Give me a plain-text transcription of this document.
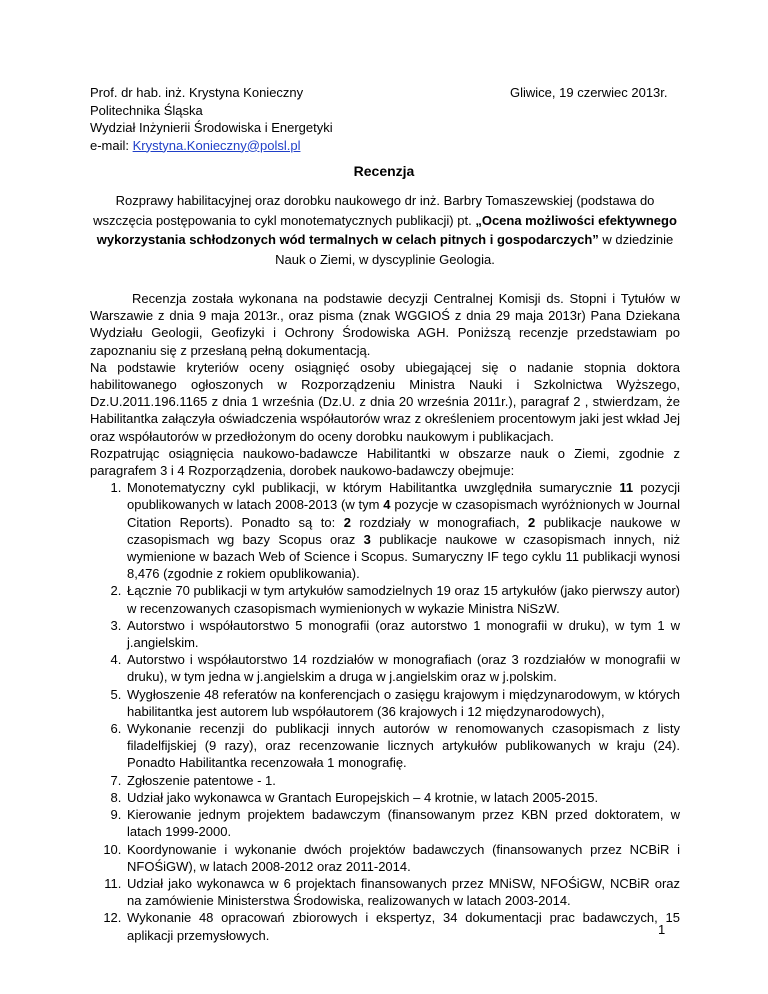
Prof. dr hab. inż. Krystyna Konieczny
Politechnika Śląska
Wydział Inżynierii Środowiska i Energetyki
e-mail: Krystyna.Konieczny@polsl.pl
Gliwice, 19 czerwiec 2013r.
Recenzja
Rozprawy habilitacyjnej oraz dorobku naukowego dr inż. Barbry Tomaszewskiej (podstawa do wszczęcia postępowania to cykl monotematycznych publikacji) pt. „Ocena możliwości efektywnego wykorzystania schłodzonych wód termalnych w celach pitnych i gospodarczych” w dziedzinie Nauk o Ziemi, w dyscyplinie Geologia.

Recenzja została wykonana na podstawie decyzji Centralnej Komisji ds. Stopni i Tytułów w Warszawie z dnia 9 maja 2013r., oraz pisma (znak WGGIOŚ z dnia 29 maja 2013r) Pana Dziekana Wydziału Geologii, Geofizyki i Ochrony Środowiska AGH. Poniższą recenzje przedstawiam po zapoznaniu się z przesłaną pełną dokumentacją.

Na podstawie kryteriów oceny osiągnięć osoby ubiegającej się o nadanie stopnia doktora habilitowanego ogłoszonych w Rozporządzeniu Ministra Nauki i Szkolnictwa Wyższego, Dz.U.2011.196.1165 z dnia 1 września (Dz.U. z dnia 20 września 2011r.), paragraf 2 , stwierdzam, że Habilitantka załączyła oświadczenia współautorów wraz z określeniem procentowym jaki jest wkład Jej oraz współautorów w przedłożonym do oceny dorobku naukowym i publikacjach.

Rozpatrując osiągnięcia naukowo-badawcze Habilitantki w obszarze nauk o Ziemi, zgodnie z paragrafem 3 i 4 Rozporządzenia, dorobek naukowo-badawczy obejmuje:

1. Monotematyczny cykl publikacji, w którym Habilitantka uwzględniła sumarycznie 11 pozycji opublikowanych w latach 2008-2013 (w tym 4 pozycje w czasopismach wyróżnionych w Journal Citation Reports). Ponadto są to: 2 rozdziały w monografiach, 2 publikacje naukowe w czasopismach wg bazy Scopus oraz 3 publikacje naukowe w czasopismach innych, niż wymienione w bazach Web of Science i Scopus. Sumaryczny IF tego cyklu 11 publikacji wynosi 8,476 (zgodnie z rokiem opublikowania).
2. Łącznie 70 publikacji w tym artykułów samodzielnych 19 oraz 15 artykułów (jako pierwszy autor) w recenzowanych czasopismach wymienionych w wykazie Ministra NiSzW.
3. Autorstwo i współautorstwo 5 monografii (oraz autorstwo 1 monografii w druku), w tym 1 w j.angielskim.
4. Autorstwo i współautorstwo 14 rozdziałów w monografiach (oraz 3 rozdziałów w monografii w druku), w tym jedna w j.angielskim a druga w j.angielskim oraz w j.polskim.
5. Wygłoszenie 48 referatów na konferencjach o zasięgu krajowym i międzynarodowym, w których habilitantka jest autorem lub współautorem (36 krajowych i 12 międzynarodowych),
6. Wykonanie recenzji do publikacji innych autorów w renomowanych czasopismach z listy filadelfijskiej (9 razy), oraz recenzowanie licznych artykułów publikowanych w kraju (24). Ponadto Habilitantka recenzowała 1 monografię.
7. Zgłoszenie patentowe - 1.
8. Udział jako wykonawca w Grantach Europejskich – 4 krotnie, w latach 2005-2015.
9. Kierowanie jednym projektem badawczym (finansowanym przez KBN przed doktoratem, w latach 1999-2000.
10. Koordynowanie i wykonanie dwóch projektów badawczych (finansowanych przez NCBiR i NFOŚiGW), w latach 2008-2012 oraz 2011-2014.
11. Udział jako wykonawca w 6 projektach finansowanych przez MNiSW, NFOŚiGW, NCBiR oraz na zamówienie Ministerstwa Środowiska, realizowanych w latach 2003-2014.
12. Wykonanie 48 opracowań zbiorowych i ekspertyz, 34 dokumentacji prac badawczych, 15 aplikacji przemysłowych.	1
